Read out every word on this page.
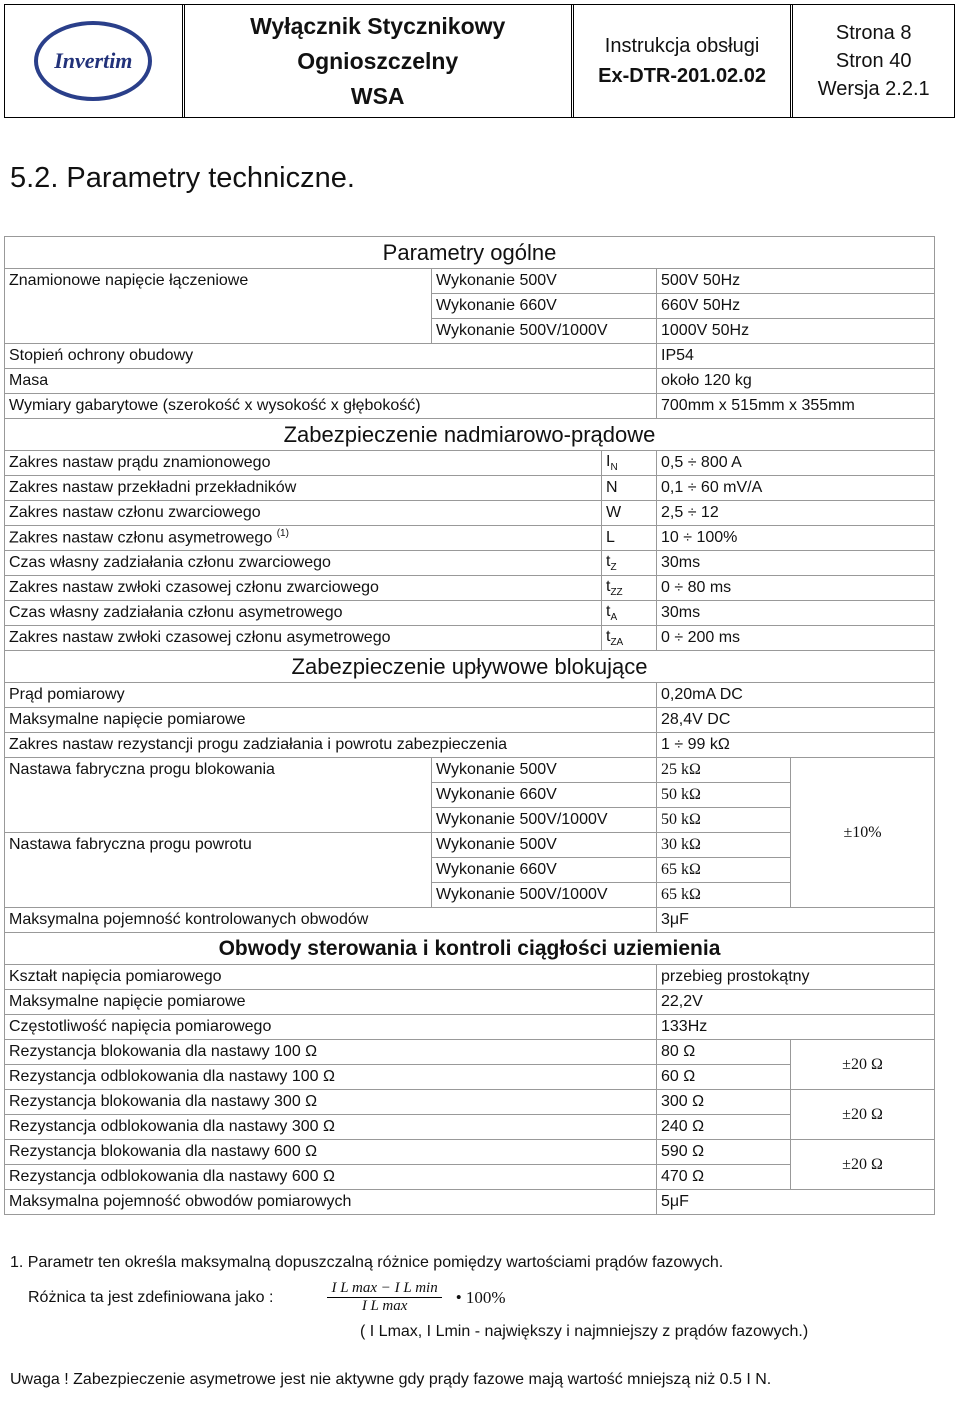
Invertim
Wyłącznik Stycznikowy
Ognioszczelny
WSA
Instrukcja obsługi
Ex-DTR-201.02.02
Strona 8
Stron 40
Wersja 2.2.1
5.2. Parametry techniczne.
Parametry ogólne				
Znamionowe napięcie łączeniowe	Wykonanie 500V		500V 50Hz	
	Wykonanie 660V		660V 50Hz	
	Wykonanie 500V/1000V		1000V 50Hz	
Stopień ochrony obudowy			IP54	
Masa			około 120 kg	
Wymiary gabarytowe (szerokość x wysokość x głębokość)			700mm x 515mm x 355mm	
Zabezpieczenie nadmiarowo-prądowe				
Zakres nastaw prądu znamionowego		$I_N$	0,5 ÷ 800 A	
Zakres nastaw przekładni przekładników		N	0,1 ÷ 60 mV/A	
Zakres nastaw członu zwarciowego		W	2,5 ÷ 12	
Zakres nastaw członu asymetrowego $^{(1)}$		L	10 ÷ 100%	
Czas własny zadziałania członu zwarciowego		$t_Z$	30ms	
Zakres nastaw zwłoki czasowej członu zwarciowego		$t_{ZZ}$	0 ÷ 80 ms	
Czas własny zadziałania członu asymetrowego		$t_A$	30ms	
Zakres nastaw zwłoki czasowej członu asymetrowego		$t_{ZA}$	0 ÷ 200 ms	
Zabezpieczenie upływowe blokujące				
Prąd pomiarowy			0,20mA DC	
Maksymalne napięcie pomiarowe			28,4V DC	
Zakres nastaw rezystancji progu zadziałania i powrotu zabezpieczenia			1 ÷ 99 kΩ	
Nastawa fabryczna progu blokowania	Wykonanie 500V		25 kΩ	±10%
	Wykonanie 660V		50 kΩ	
	Wykonanie 500V/1000V		50 kΩ	
Nastawa fabryczna progu powrotu	Wykonanie 500V		30 kΩ	
	Wykonanie 660V		65 kΩ	
	Wykonanie 500V/1000V		65 kΩ	
Maksymalna pojemność kontrolowanych obwodów			3μF	
Obwody sterowania i kontroli ciągłości uziemienia				
Kształt napięcia pomiarowego			przebieg prostokątny	
Maksymalne napięcie pomiarowe			22,2V	
Częstotliwość napięcia pomiarowego			133Hz	
Rezystancja blokowania dla nastawy 100 Ω			80 Ω	±20 Ω
Rezystancja odblokowania dla nastawy 100 Ω			60 Ω	
Rezystancja blokowania dla nastawy 300 Ω			300 Ω	±20 Ω
Rezystancja odblokowania dla nastawy 300 Ω			240 Ω	
Rezystancja blokowania dla nastawy 600 Ω			590 Ω	±20 Ω
Rezystancja odblokowania dla nastawy 600 Ω			470 Ω	
Maksymalna pojemność obwodów pomiarowych			5μF	

1. Parametr ten określa maksymalną dopuszczalną różnice pomiędzy wartościami prądów fazowych.

Różnica ta jest zdefiniowana jako :	$\frac{\text{I L max − I L min}}{\text{I L max}}$ • 100%

( I Lmax, I Lmin - największy i najmniejszy z prądów fazowych.)

Uwaga ! Zabezpieczenie asymetrowe jest nie aktywne gdy prądy fazowe mają wartość mniejszą niż 0.5 I N.
